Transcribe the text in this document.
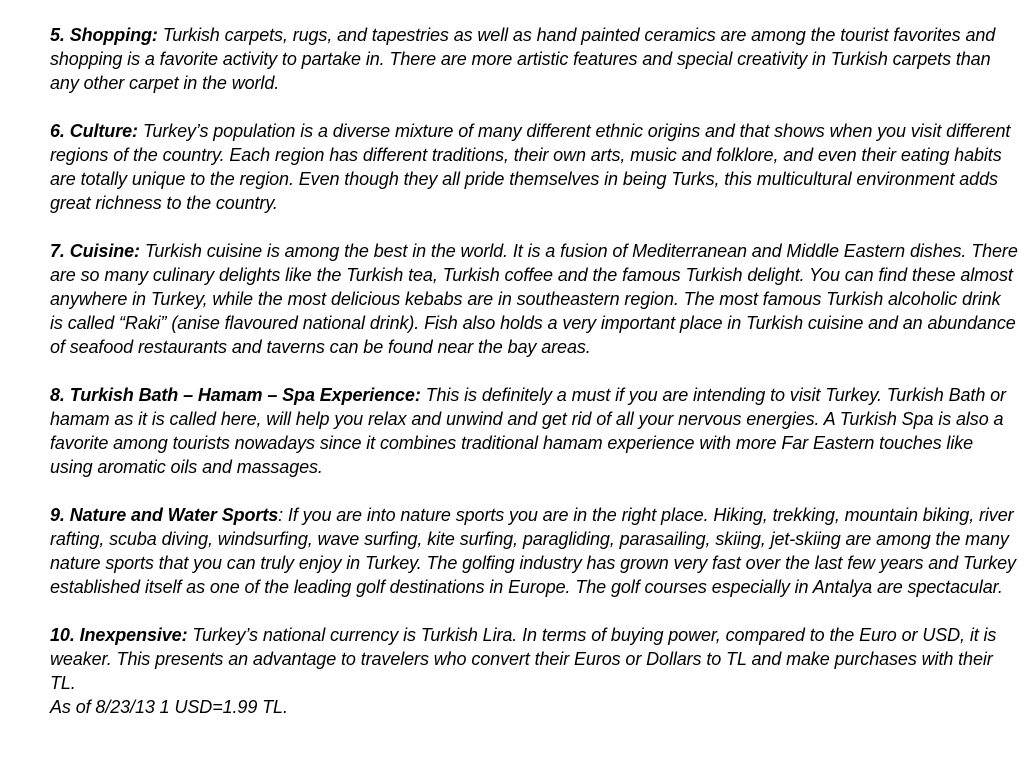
5. Shopping: Turkish carpets, rugs, and tapestries as well as hand painted ceramics are among the tourist favorites and shopping is a favorite activity to partake in. There are more artistic features and special creativity in Turkish carpets than any other carpet in the world.

6. Culture: Turkey’s population is a diverse mixture of many different ethnic origins and that shows when you visit different regions of the country. Each region has different traditions, their own arts, music and folklore, and even their eating habits are totally unique to the region. Even though they all pride themselves in being Turks, this multicultural environment adds great richness to the country.

7. Cuisine: Turkish cuisine is among the best in the world. It is a fusion of Mediterranean and Middle Eastern dishes. There are so many culinary delights like the Turkish tea, Turkish coffee and the famous Turkish delight. You can find these almost anywhere in Turkey, while the most delicious kebabs are in southeastern region. The most famous Turkish alcoholic drink is called “Raki” (anise flavoured national drink). Fish also holds a very important place in Turkish cuisine and an abundance of seafood restaurants and taverns can be found near the bay areas.

8. Turkish Bath – Hamam – Spa Experience: This is definitely a must if you are intending to visit Turkey. Turkish Bath or hamam as it is called here, will help you relax and unwind and get rid of all your nervous energies. A Turkish Spa is also a favorite among tourists nowadays since it combines traditional hamam experience with more Far Eastern touches like using aromatic oils and massages.

9. Nature and Water Sports: If you are into nature sports you are in the right place. Hiking, trekking, mountain biking, river rafting, scuba diving, windsurfing, wave surfing, kite surfing, paragliding, parasailing, skiing, jet-skiing are among the many nature sports that you can truly enjoy in Turkey. The golfing industry has grown very fast over the last few years and Turkey established itself as one of the leading golf destinations in Europe. The golf courses especially in Antalya are spectacular.

10. Inexpensive: Turkey’s national currency is Turkish Lira. In terms of buying power, compared to the Euro or USD, it is weaker. This presents an advantage to travelers who convert their Euros or Dollars to TL and make purchases with their TL.

As of 8/23/13 1 USD=1.99 TL.
